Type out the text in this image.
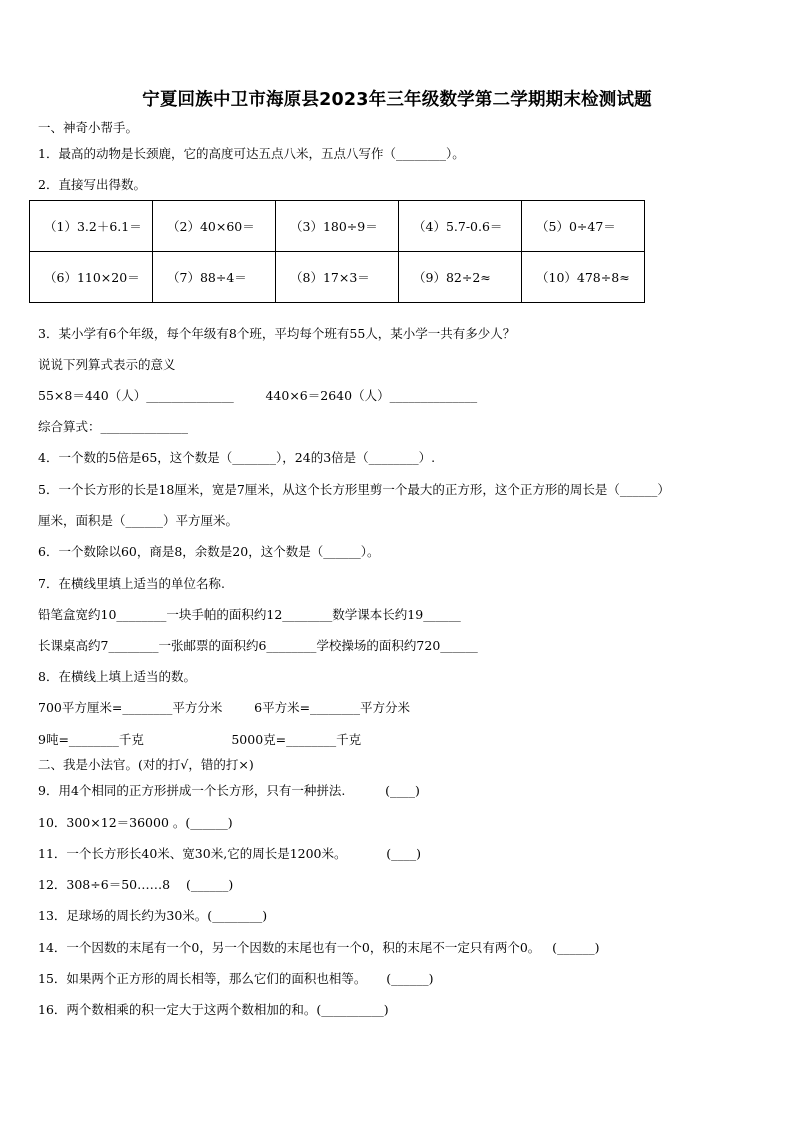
宁夏回族中卫市海原县2023年三年级数学第二学期期末检测试题
一、神奇小帮手。
1．最高的动物是长颈鹿，它的高度可达五点八米，五点八写作（________）。
2．直接写出得数。
（1）3.2＋6.1＝	（2）40×60＝	（3）180÷9＝	（4）5.7-0.6＝	（5）0÷47＝
（6）110×20＝	（7）88÷4＝	（8）17×3＝	（9）82÷2≈	（10）478÷8≈
3．某小学有6个年级，每个年级有8个班，平均每个班有55人，某小学一共有多少人？
说说下列算式表示的意义
55×8＝440（人）______________        440×6＝2640（人）______________
综合算式：______________
4．一个数的5倍是65，这个数是（_______），24的3倍是（________）.
5．一个长方形的长是18厘米，宽是7厘米，从这个长方形里剪一个最大的正方形，这个正方形的周长是（______）
厘米，面积是（______）平方厘米。
6．一个数除以60，商是8，余数是20，这个数是（______）。
7．在横线里填上适当的单位名称.
铅笔盒宽约10________一块手帕的面积约12________数学课本长约19______
长课桌高约7________一张邮票的面积约6________学校操场的面积约720______
8．在横线上填上适当的数。
700平方厘米=________平方分米        6平方米=________平方分米
9吨=________千克                      5000克=________千克
二、我是小法官。(对的打√，错的打×)
9．用4个相同的正方形拼成一个长方形，只有一种拼法.          (____)
10．300×12＝36000 。(______)
11．一个长方形长40米、宽30米,它的周长是1200米。          (____)
12．308÷6＝50……8    (______)
13．足球场的周长约为30米。(________)
14．一个因数的末尾有一个0，另一个因数的末尾也有一个0，积的末尾不一定只有两个0。   (______)
15．如果两个正方形的周长相等，那么它们的面积也相等。     (______)
16．两个数相乘的积一定大于这两个数相加的和。(__________)
